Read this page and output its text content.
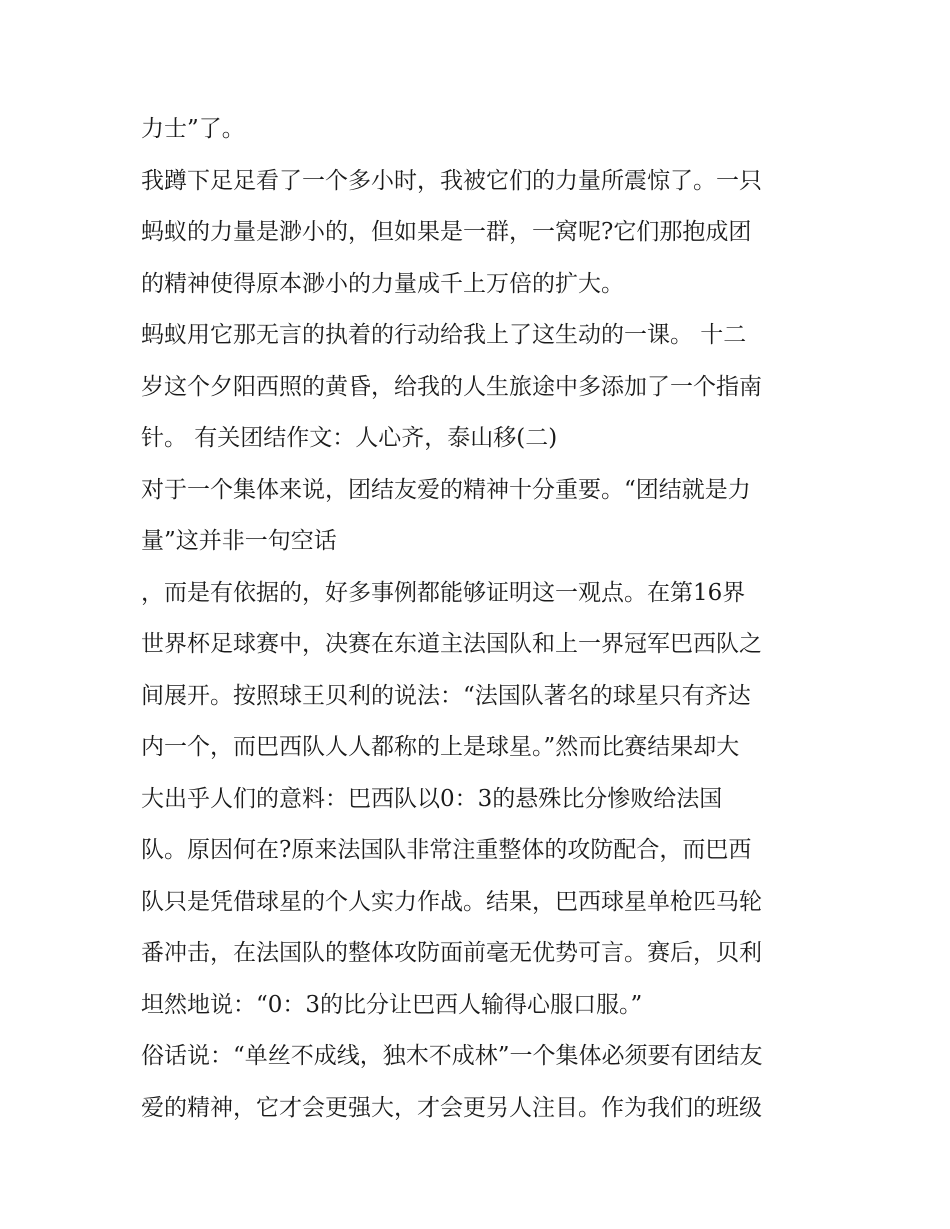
力士”了。
我蹲下足足看了一个多小时，我被它们的力量所震惊了。一只
蚂蚁的力量是渺小的，但如果是一群，一窝呢?它们那抱成团
的精神使得原本渺小的力量成千上万倍的扩大。
蚂蚁用它那无言的执着的行动给我上了这生动的一课。 十二
岁这个夕阳西照的黄昏，给我的人生旅途中多添加了一个指南
针。 有关团结作文：人心齐，泰山移(二)
对于一个集体来说，团结友爱的精神十分重要。“团结就是力
量”这并非一句空话
，而是有依据的，好多事例都能够证明这一观点。在第16界
世界杯足球赛中，决赛在东道主法国队和上一界冠军巴西队之
间展开。按照球王贝利的说法：“法国队著名的球星只有齐达
内一个，而巴西队人人都称的上是球星。”然而比赛结果却大
大出乎人们的意料：巴西队以0：3的悬殊比分惨败给法国
队。原因何在?原来法国队非常注重整体的攻防配合，而巴西
队只是凭借球星的个人实力作战。结果，巴西球星单枪匹马轮
番冲击，在法国队的整体攻防面前毫无优势可言。赛后，贝利
坦然地说：“0：3的比分让巴西人输得心服口服。”
俗话说：“单丝不成线，独木不成林”一个集体必须要有团结友
爱的精神，它才会更强大，才会更另人注目。作为我们的班级
